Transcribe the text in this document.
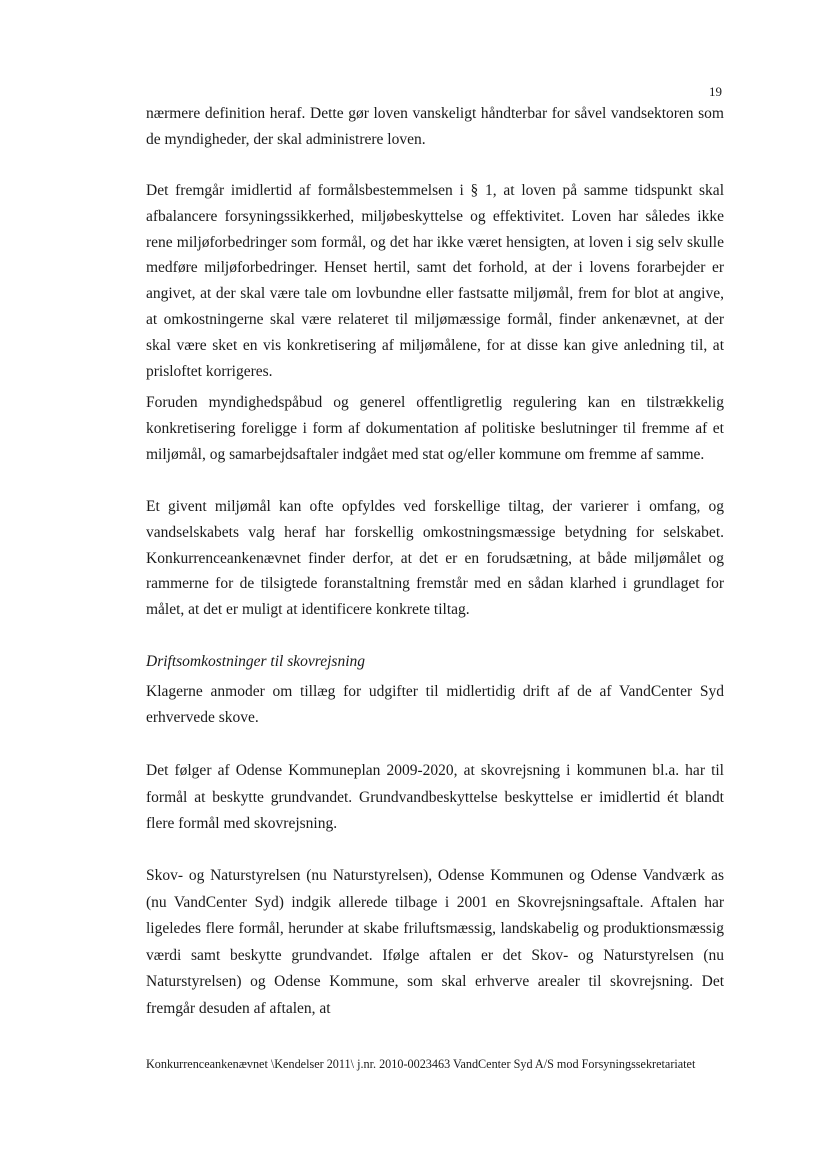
19

nærmere definition heraf. Dette gør loven vanskeligt håndterbar for såvel vandsektoren som de myndigheder, der skal administrere loven.

Det fremgår imidlertid af formålsbestemmelsen i § 1, at loven på samme tidspunkt skal afbalancere forsyningssikkerhed, miljøbeskyttelse og effektivitet. Loven har således ikke rene miljøforbedringer som formål, og det har ikke været hensigten, at loven i sig selv skulle medføre miljøforbedringer. Henset hertil, samt det forhold, at der i lovens forarbejder er angivet, at der skal være tale om lovbundne eller fastsatte miljømål, frem for blot at angive, at omkostningerne skal være relateret til miljømæssige formål, finder ankenævnet, at der skal være sket en vis konkretisering af miljømålene, for at disse kan give anledning til, at prisloftet korrigeres.

Foruden myndighedspåbud og generel offentligretlig regulering kan en tilstrækkelig konkretisering foreligge i form af dokumentation af politiske beslutninger til fremme af et miljømål, og samarbejdsaftaler indgået med stat og/eller kommune om fremme af samme.

Et givent miljømål kan ofte opfyldes ved forskellige tiltag, der varierer i omfang, og vandselskabets valg heraf har forskellig omkostningsmæssige betydning for selskabet. Konkurrenceankenævnet finder derfor, at det er en forudsætning, at både miljømålet og rammerne for de tilsigtede foranstaltning fremstår med en sådan klarhed i grundlaget for målet, at det er muligt at identificere konkrete tiltag.

Driftsomkostninger til skovrejsning

Klagerne anmoder om tillæg for udgifter til midlertidig drift af de af VandCenter Syd erhvervede skove.

Det følger af Odense Kommuneplan 2009-2020, at skovrejsning i kommunen bl.a. har til formål at beskytte grundvandet. Grundvandbeskyttelse beskyttelse er imidlertid ét blandt flere formål med skovrejsning.

Skov- og Naturstyrelsen (nu Naturstyrelsen), Odense Kommunen og Odense Vandværk as (nu VandCenter Syd) indgik allerede tilbage i 2001 en Skovrejsningsaftale. Aftalen har ligeledes flere formål, herunder at skabe friluftsmæssig, landskabelig og produktionsmæssig værdi samt beskytte grundvandet. Ifølge aftalen er det Skov- og Naturstyrelsen (nu Naturstyrelsen) og Odense Kommune, som skal erhverve arealer til skovrejsning. Det fremgår desuden af aftalen, at

Konkurrenceankenævnet \Kendelser 2011\ j.nr. 2010-0023463 VandCenter Syd A/S mod Forsyningssekretariatet
